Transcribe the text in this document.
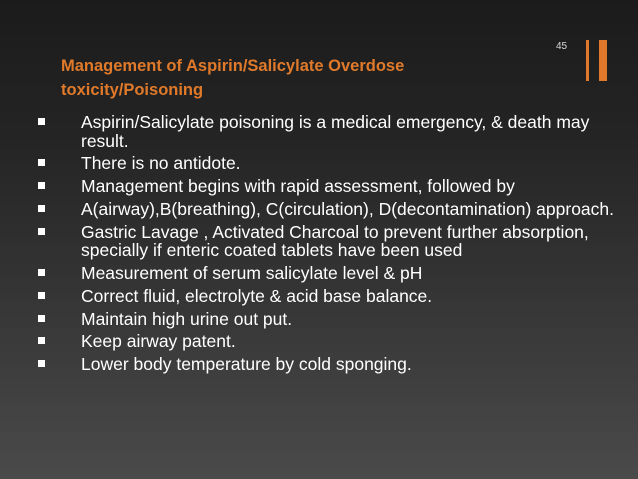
Management of Aspirin/Salicylate Overdose toxicity/Poisoning
45
Aspirin/Salicylate poisoning is a medical emergency, & death may result.
There is no antidote.
Management begins with rapid assessment, followed by
A(airway),B(breathing), C(circulation), D(decontamination) approach.
Gastric Lavage , Activated Charcoal to prevent further absorption, specially if enteric coated tablets have been used
Measurement of serum salicylate level & pH
Correct fluid, electrolyte & acid base balance.
Maintain high urine out put.
Keep airway patent.
Lower body temperature by cold sponging.
